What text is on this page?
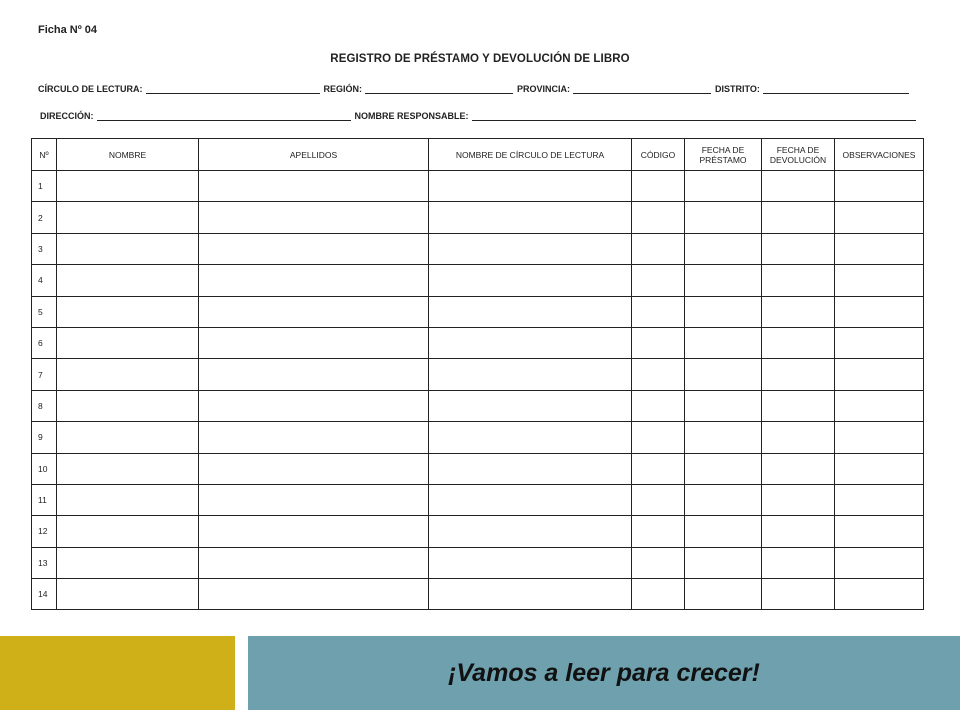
Ficha Nº 04
REGISTRO DE PRÉSTAMO Y DEVOLUCIÓN DE LIBRO
CÍRCULO DE LECTURA:	REGIÓN:	PROVINCIA:	DISTRITO:
DIRECCIÓN:	NOMBRE RESPONSABLE:
Nº	NOMBRE	APELLIDOS	NOMBRE DE CÍRCULO DE LECTURA	CÓDIGO	FECHA DE PRÉSTAMO	FECHA DE DEVOLUCIÓN	OBSERVACIONES
1							
2							
3							
4							
5							
6							
7							
8							
9							
10							
11							
12							
13							
14							
¡Vamos a leer para crecer!
